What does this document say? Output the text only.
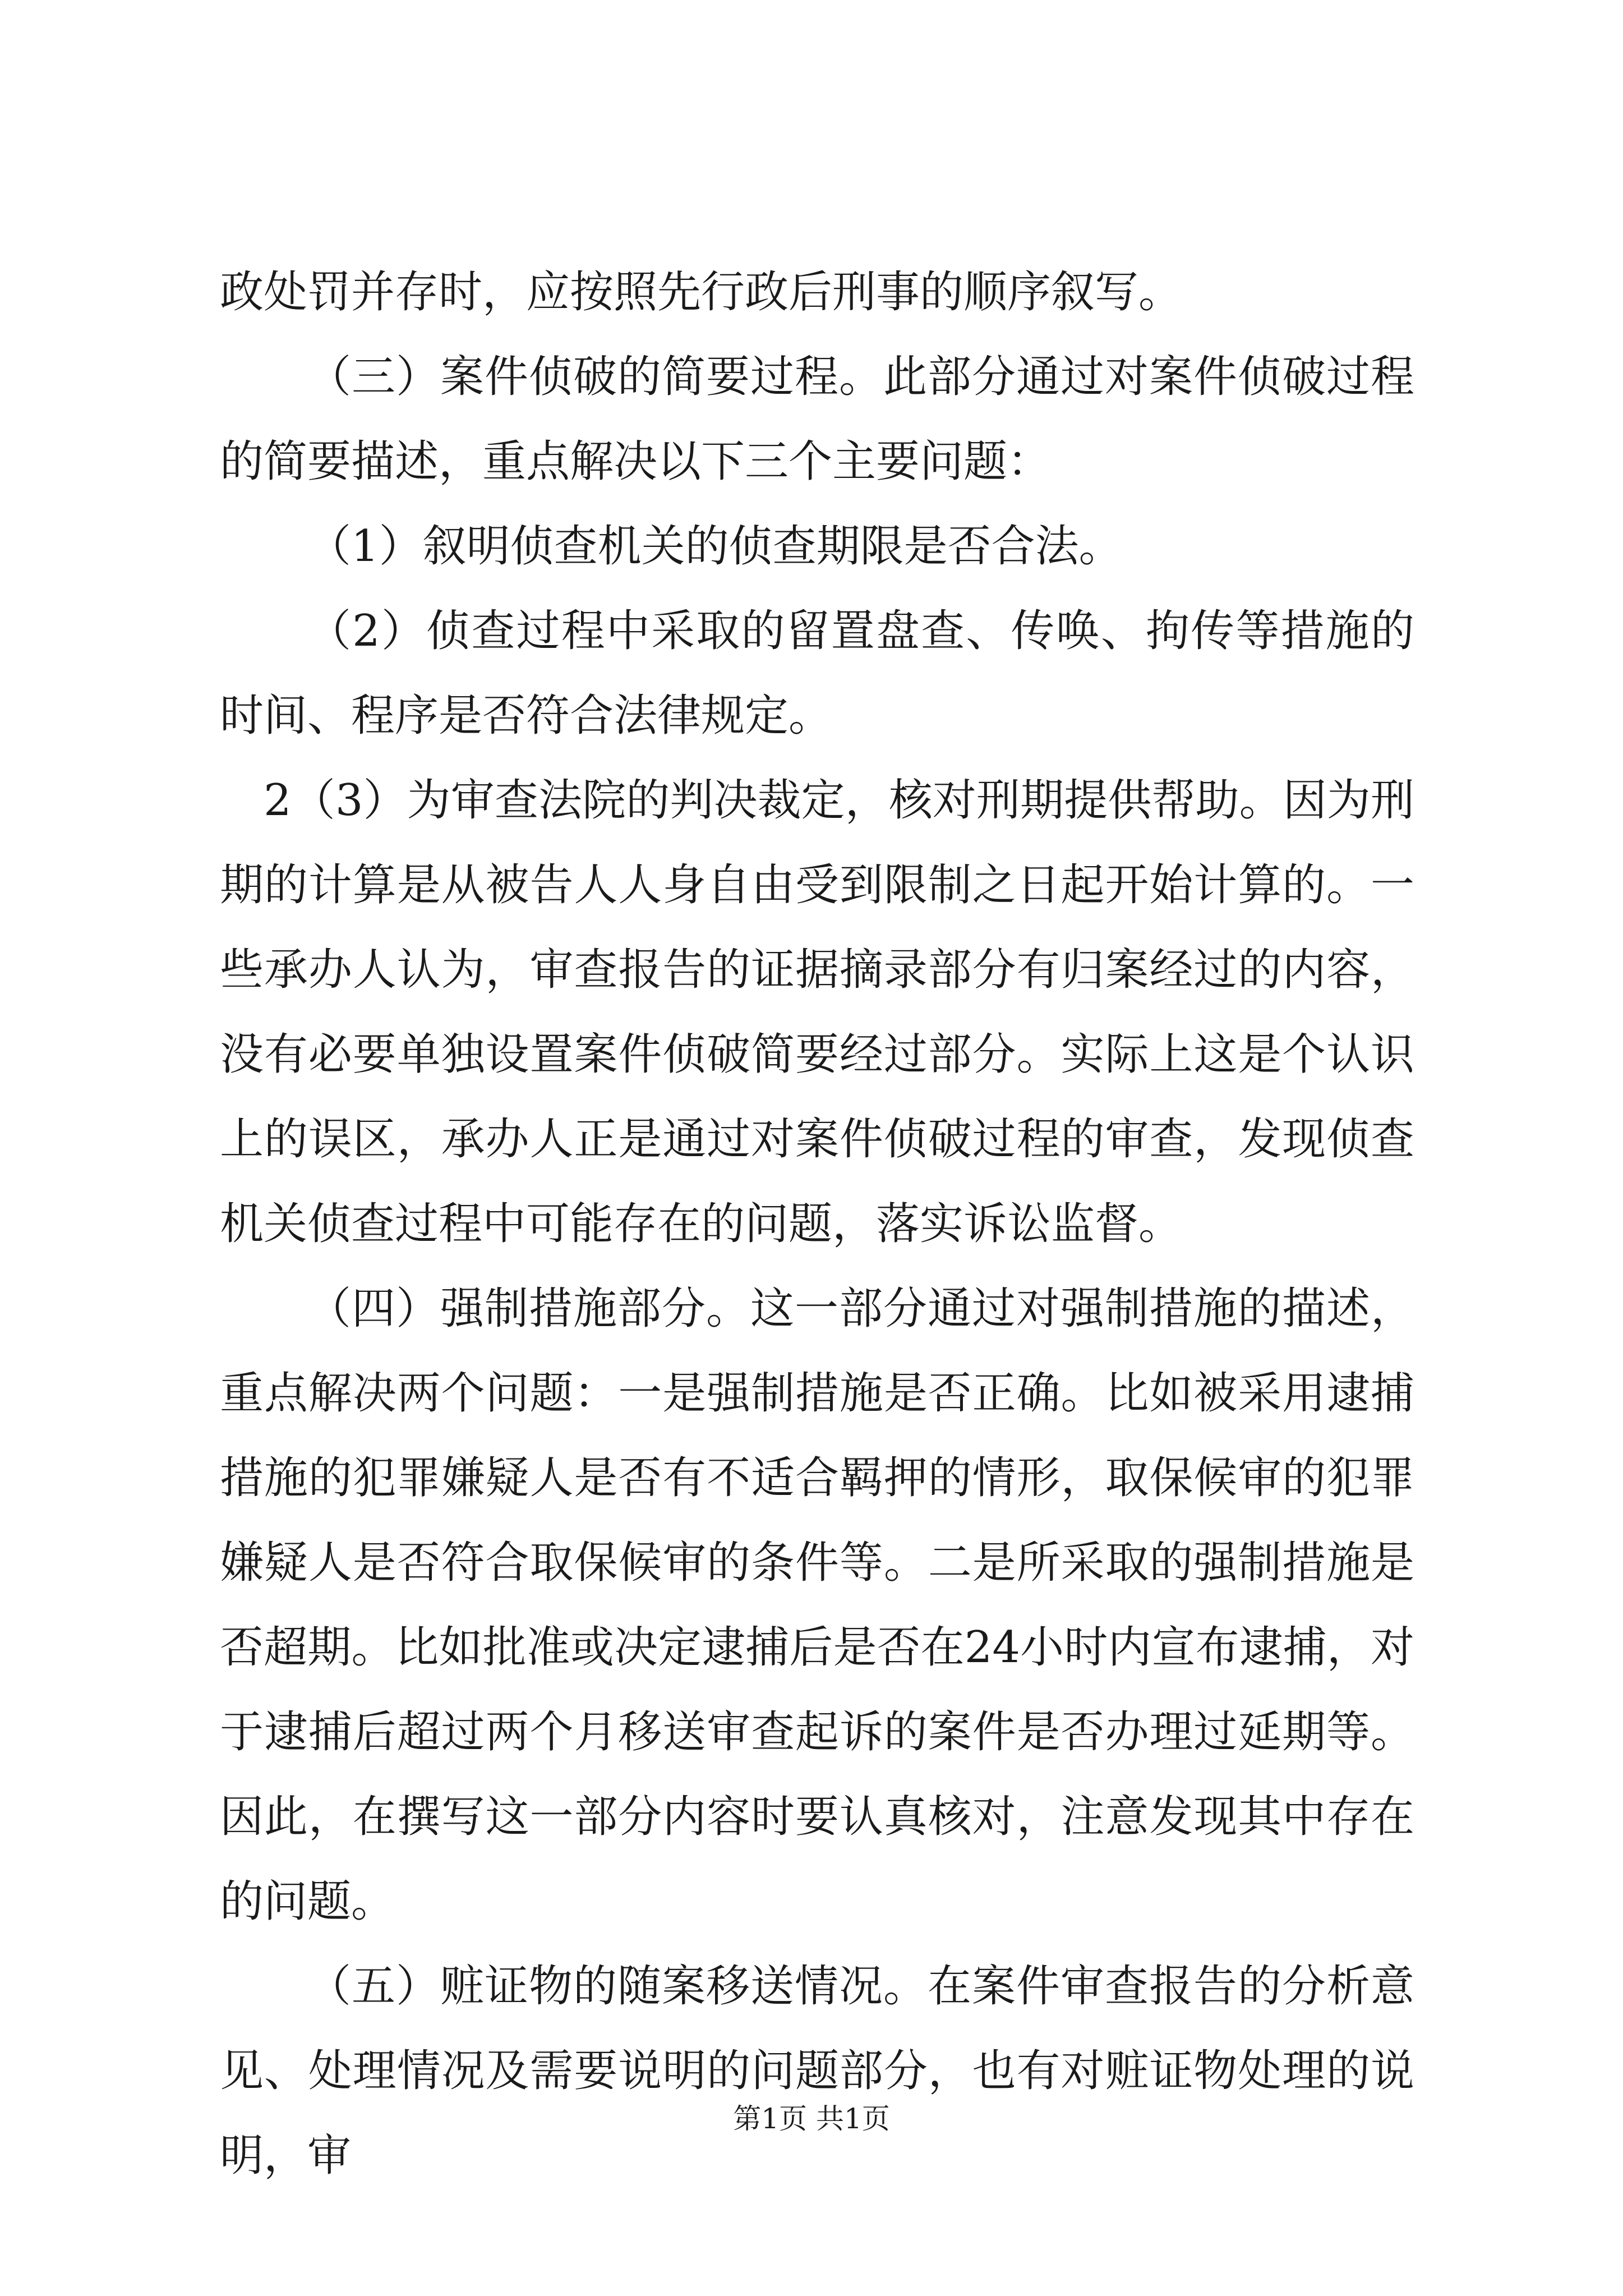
政处罚并存时，应按照先行政后刑事的顺序叙写。

（三）案件侦破的简要过程。此部分通过对案件侦破过程的简要描述，重点解决以下三个主要问题：

（1）叙明侦查机关的侦查期限是否合法。

（2）侦查过程中采取的留置盘查、传唤、拘传等措施的时间、程序是否符合法律规定。

2（3）为审查法院的判决裁定，核对刑期提供帮助。因为刑期的计算是从被告人人身自由受到限制之日起开始计算的。一些承办人认为，审查报告的证据摘录部分有归案经过的内容，没有必要单独设置案件侦破简要经过部分。实际上这是个认识上的误区，承办人正是通过对案件侦破过程的审查，发现侦查机关侦查过程中可能存在的问题，落实诉讼监督。

（四）强制措施部分。这一部分通过对强制措施的描述，重点解决两个问题：一是强制措施是否正确。比如被采用逮捕措施的犯罪嫌疑人是否有不适合羁押的情形，取保候审的犯罪嫌疑人是否符合取保候审的条件等。二是所采取的强制措施是否超期。比如批准或决定逮捕后是否在24小时内宣布逮捕，对于逮捕后超过两个月移送审查起诉的案件是否办理过延期等。因此，在撰写这一部分内容时要认真核对，注意发现其中存在的问题。

（五）赃证物的随案移送情况。在案件审查报告的分析意见、处理情况及需要说明的问题部分，也有对赃证物处理的说明，审

第1页 共1页
